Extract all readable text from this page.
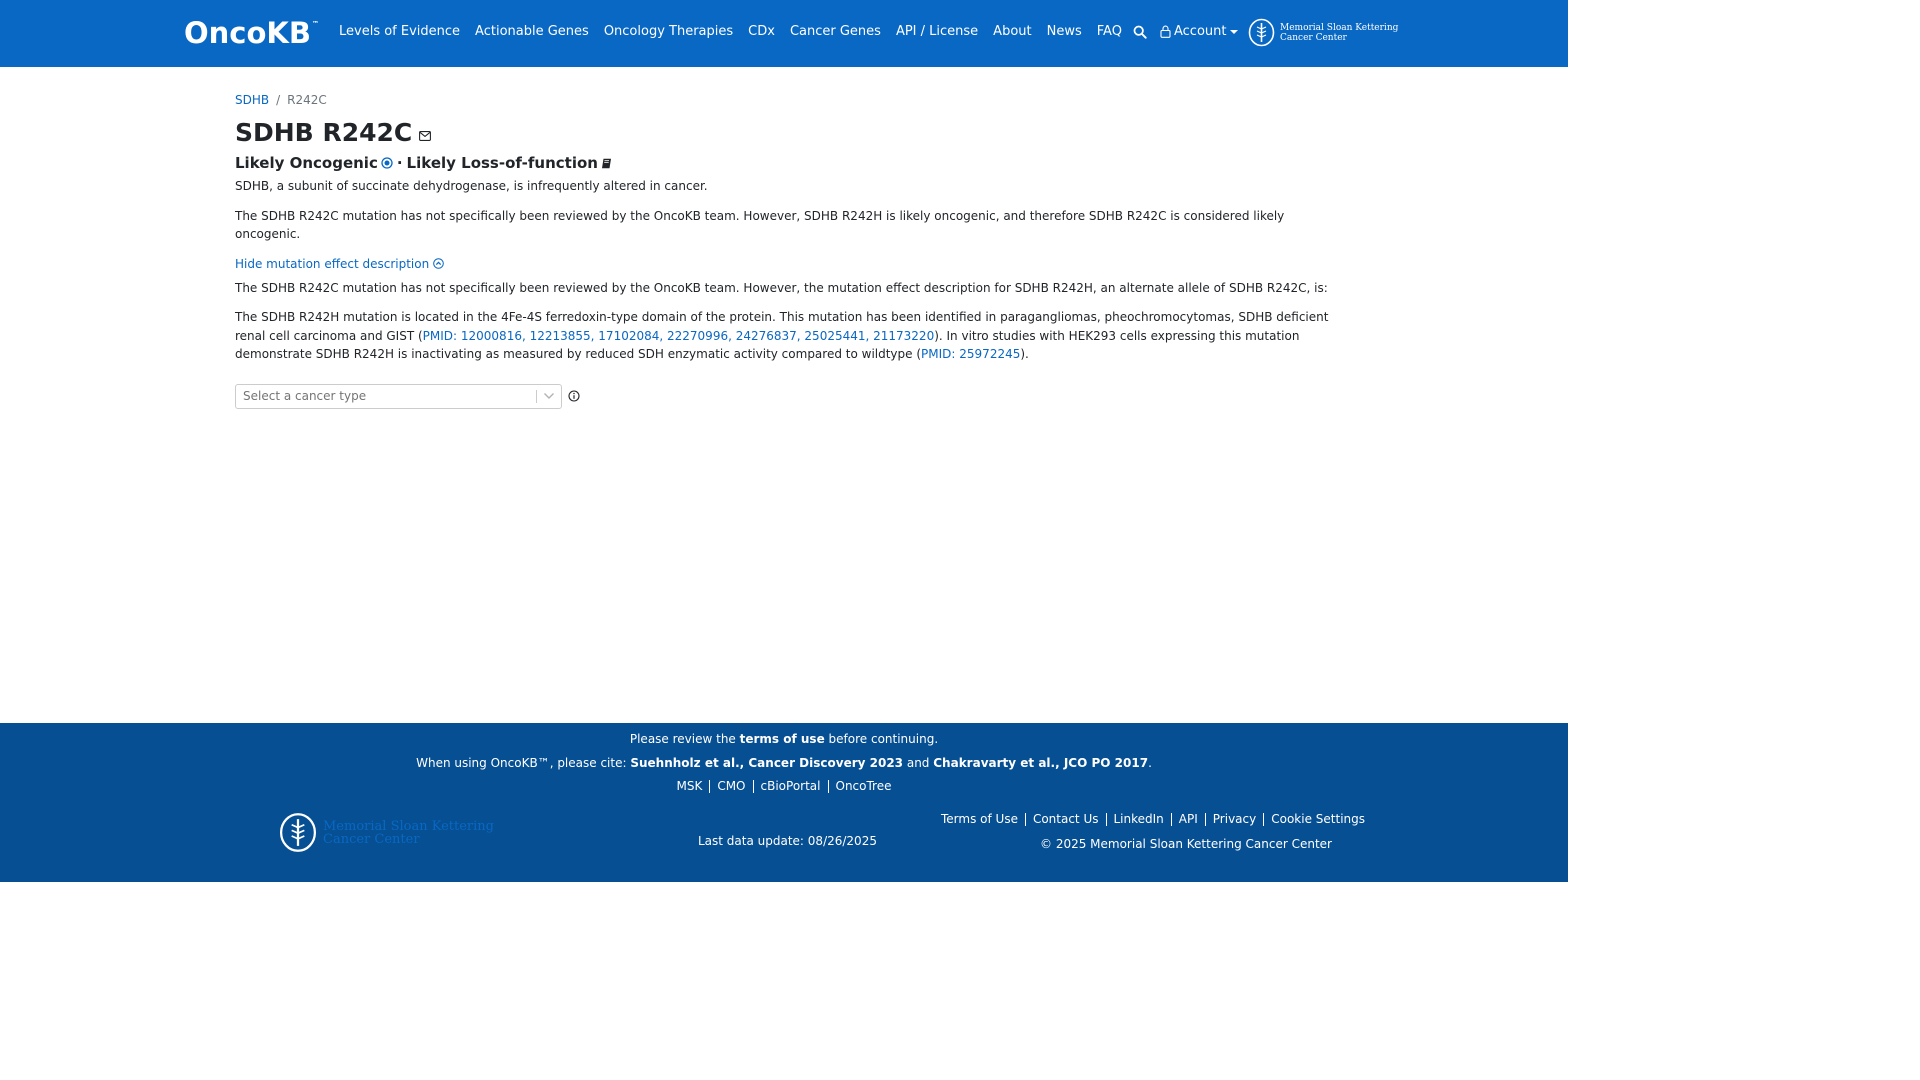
OncoKB ™ Levels of Evidence Actionable Genes Oncology Therapies CDx Cancer Genes API / License About News FAQ	Account	Memorial Sloan Kettering
Cancer Center
SDHB / R242C
SDHB R242C
Likely Oncogenic · Likely Loss-of-function

SDHB, a subunit of succinate dehydrogenase, is infrequently altered in cancer.

The SDHB R242C mutation has not specifically been reviewed by the OncoKB team. However, SDHB R242H is likely oncogenic, and therefore SDHB R242C is considered likely oncogenic.

Hide mutation effect description

The SDHB R242C mutation has not specifically been reviewed by the OncoKB team. However, the mutation effect description for SDHB R242H, an alternate allele of SDHB R242C, is:

The SDHB R242H mutation is located in the 4Fe-4S ferredoxin-type domain of the protein. This mutation has been identified in paragangliomas, pheochromocytomas, SDHB deficient renal cell carcinoma and GIST (PMID: 12000816, 12213855, 17102084, 22270996, 24276837, 25025441, 21173220). In vitro studies with HEK293 cells expressing this mutation demonstrate SDHB R242H is inactivating as measured by reduced SDH enzymatic activity compared to wildtype (PMID: 25972245).

Select a cancer type
Please review the terms of use before continuing.
When using OncoKB™, please cite: Suehnholz et al., Cancer Discovery 2023 and Chakravarty et al., JCO PO 2017.
MSK CMO cBioPortal OncoTree
Memorial Sloan Kettering
Cancer Center	Last data update: 08/26/2025
Terms of Use Contact Us LinkedIn API Privacy Cookie Settings
© 2025 Memorial Sloan Kettering Cancer Center
